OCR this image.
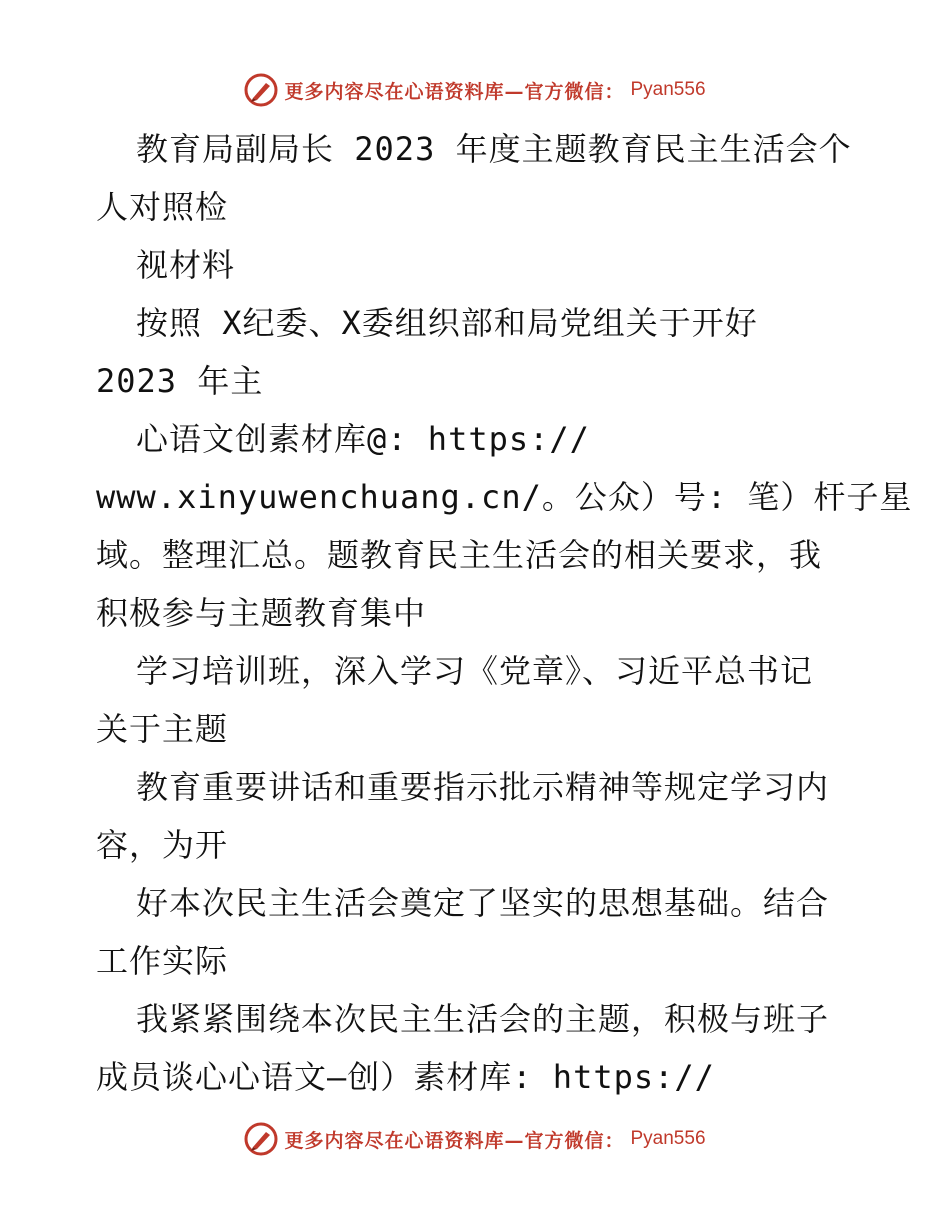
更多内容尽在心语资料库—官方微信： Pyan556
教育局副局长 2023 年度主题教育民主生活会个
人对照检
视材料
按照 X纪委、X委组织部和局党组关于开好
2023 年主
心语文创素材库@: https://
www.xinyuwenchuang.cn/。公众）号: 笔）杆子星
域。整理汇总。题教育民主生活会的相关要求，我
积极参与主题教育集中
学习培训班，深入学习《党章》、习近平总书记
关于主题
教育重要讲话和重要指示批示精神等规定学习内
容，为开
好本次民主生活会奠定了坚实的思想基础。结合
工作实际
我紧紧围绕本次民主生活会的主题，积极与班子
成员谈心心语文—创）素材库: https://
更多内容尽在心语资料库—官方微信： Pyan556
